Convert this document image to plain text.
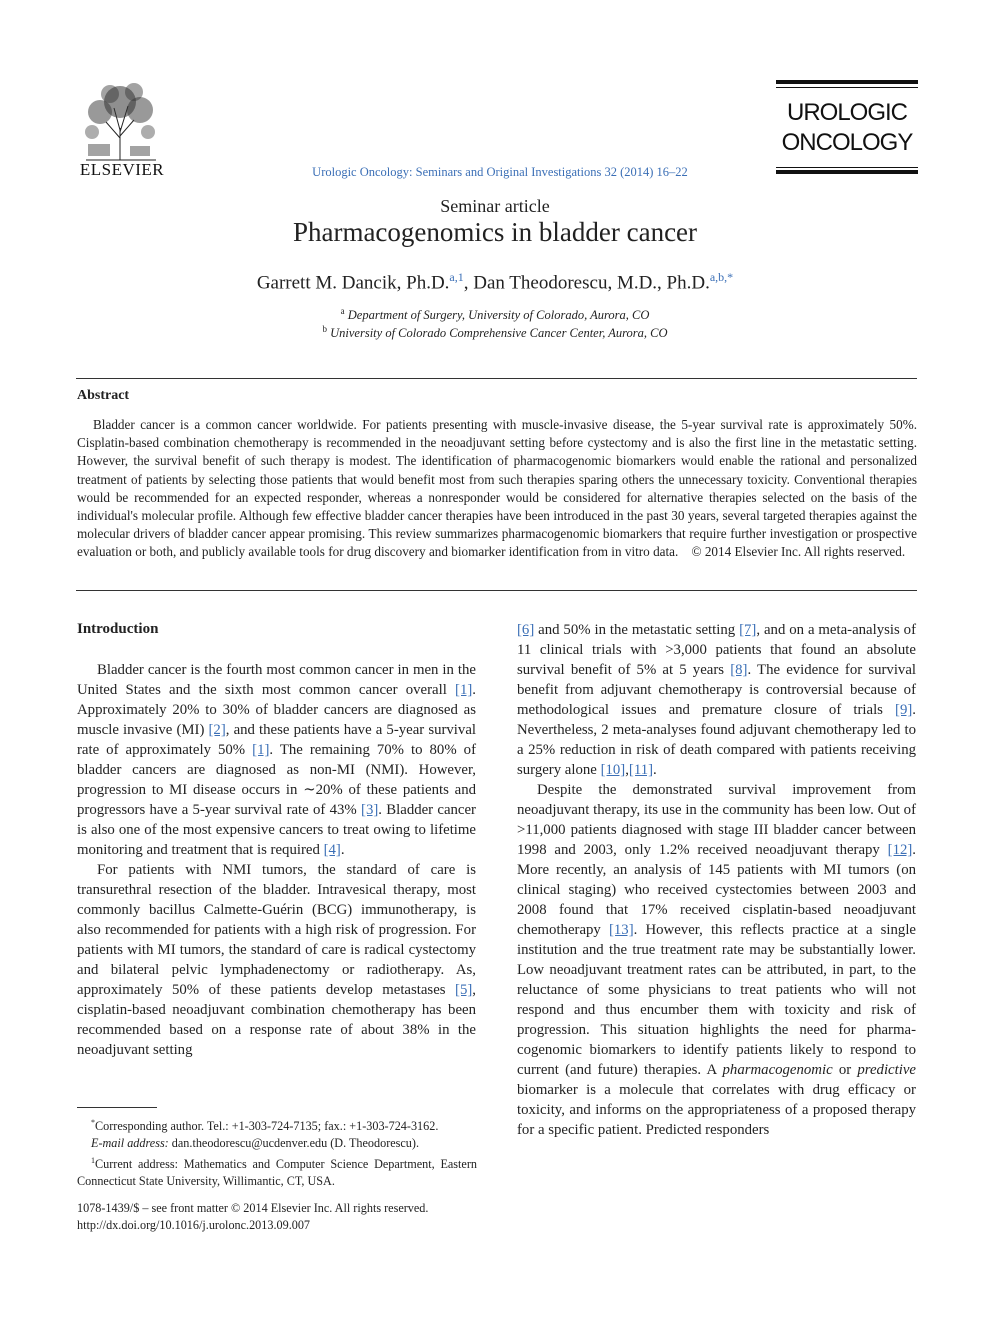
ELSEVIER	Urologic Oncology: Seminars and Original Investigations 32 (2014) 16–22
UROLOGIC
ONCOLOGY
Seminar article
Pharmacogenomics in bladder cancer
Garrett M. Dancik, Ph.D.$^{a,1}$, Dan Theodorescu, M.D., Ph.D.$^{a,b,*}$
$^a$ Department of Surgery, University of Colorado, Aurora, CO
$^b$ University of Colorado Comprehensive Cancer Center, Aurora, CO
Abstract

Bladder cancer is a common cancer worldwide. For patients presenting with muscle-invasive disease, the 5-year survival rate is approximately 50%. Cisplatin-based combination chemotherapy is recommended in the neoadjuvant setting before cystectomy and is also the first line in the metastatic setting. However, the survival benefit of such therapy is modest. The identification of pharmacogenomic biomarkers would enable the rational and personalized treatment of patients by selecting those patients that would benefit most from such therapies sparing others the unnecessary toxicity. Conventional therapies would be recommended for an expected responder, whereas a nonresponder would be considered for alternative therapies selected on the basis of the individual's molecular profile. Although few effective bladder cancer therapies have been introduced in the past 30 years, several targeted therapies against the molecular drivers of bladder cancer appear promising. This review summarizes pharmacogenomic biomarkers that require further investigation or prospective evaluation or both, and publicly available tools for drug discovery and biomarker identification from in vitro data. © 2014 Elsevier Inc. All rights reserved.

Introduction

Bladder cancer is the fourth most common cancer in men in the United States and the sixth most common cancer overall [1]. Approximately 20% to 30% of bladder cancers are diagnosed as muscle invasive (MI) [2], and these patients have a 5-year survival rate of approximately 50% [1]. The remaining 70% to 80% of bladder cancers are diagnosed as non-MI (NMI). However, progression to MI disease occurs in ∼20% of these patients and progressors have a 5-year survival rate of 43% [3]. Bladder cancer is also one of the most expensive cancers to treat owing to lifetime monitoring and treatment that is required [4].

For patients with NMI tumors, the standard of care is transurethral resection of the bladder. Intravesical therapy, most commonly bacillus Calmette-Guérin (BCG) immunotherapy, is also recommended for patients with a high risk of progression. For patients with MI tumors, the standard of care is radical cystectomy and bilateral pelvic lymphadenectomy or radiotherapy. As, approximately 50% of these patients develop metastases [5], cisplatin-based neoadjuvant combination chemotherapy has been recommended based on a response rate of about 38% in the neoadjuvant setting

[6] and 50% in the metastatic setting [7], and on a meta-analysis of 11 clinical trials with >3,000 patients that found an absolute survival benefit of 5% at 5 years [8]. The evidence for survival benefit from adjuvant chemotherapy is controversial because of methodological issues and premature closure of trials [9]. Nevertheless, 2 meta-analyses found adjuvant chemotherapy led to a 25% reduction in risk of death compared with patients receiving surgery alone [10],[11].

Despite the demonstrated survival improvement from neoadjuvant therapy, its use in the community has been low. Out of >11,000 patients diagnosed with stage III bladder cancer between 1998 and 2003, only 1.2% received neoadjuvant therapy [12]. More recently, an analysis of 145 patients with MI tumors (on clinical staging) who received cystectomies between 2003 and 2008 found that 17% received cisplatin-based neoadjuvant chemotherapy [13]. However, this reflects practice at a single institution and the true treatment rate may be substantially lower. Low neoadjuvant treatment rates can be attributed, in part, to the reluctance of some physicians to treat patients who will not respond and thus encumber them with toxicity and risk of progression. This situation highlights the need for pharmacogenomic biomarkers to identify patients likely to respond to current (and future) therapies. A pharmacogenomic or predictive biomarker is a molecule that correlates with drug efficacy or toxicity, and informs on the appropriateness of a proposed therapy for a specific patient. Predicted responders

*Corresponding author. Tel.: +1-303-724-7135; fax.: +1-303-724-3162.
E-mail address: dan.theodorescu@ucdenver.edu (D. Theodorescu).
$^1$Current address: Mathematics and Computer Science Department, Eastern Connecticut State University, Willimantic, CT, USA.
1078-1439/$ – see front matter © 2014 Elsevier Inc. All rights reserved.
http://dx.doi.org/10.1016/j.urolonc.2013.09.007
